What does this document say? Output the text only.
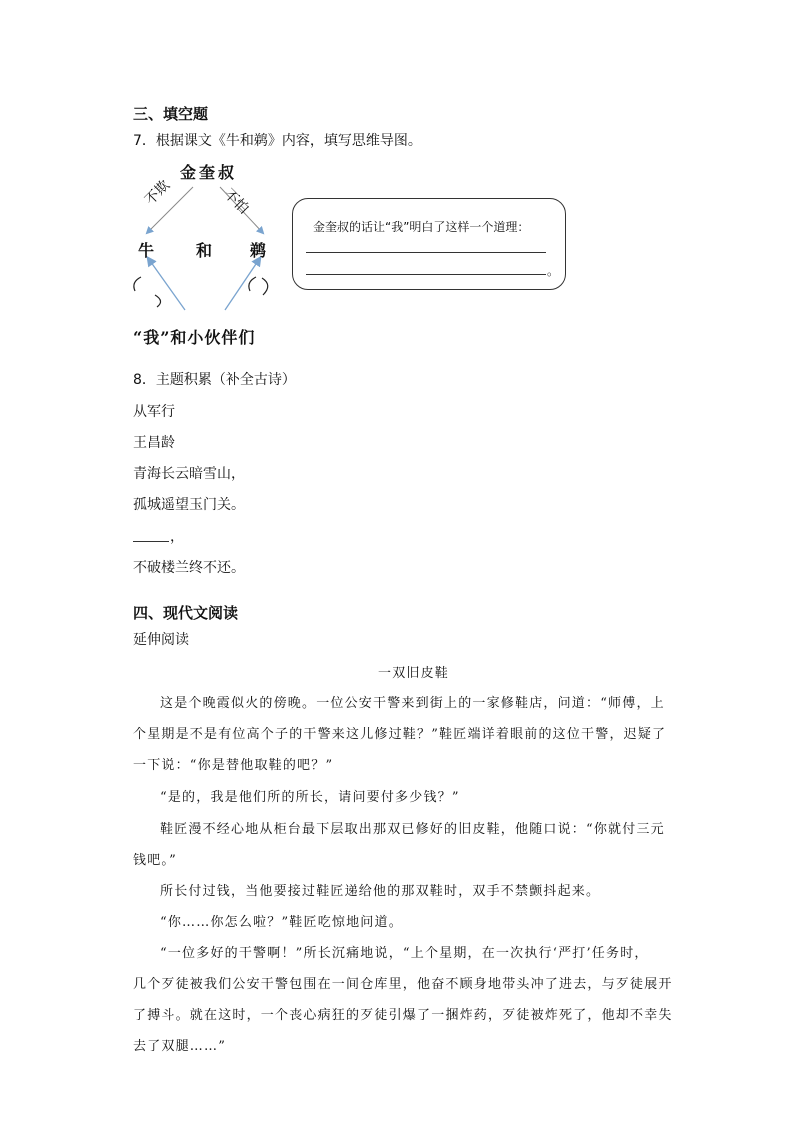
三、填空题
7．根据课文《牛和鹈》内容，填写思维导图。
金奎叔
不欺	不怕
牛	和 鹈
“我”和小伙伴们
金奎叔的话让“我”明白了这样一个道理：
。
8．主题积累（补全古诗）
从军行
王昌龄
青海长云暗雪山，
孤城遥望玉门关。
，
不破楼兰终不还。
四、现代文阅读
延伸阅读
一双旧皮鞋
这是个晚霞似火的傍晚。一位公安干警来到街上的一家修鞋店，问道：“师傅，上
个星期是不是有位高个子的干警来这儿修过鞋？”鞋匠端详着眼前的这位干警，迟疑了
一下说：“你是替他取鞋的吧？”
“是的，我是他们所的所长，请问要付多少钱？”
鞋匠漫不经心地从柜台最下层取出那双已修好的旧皮鞋，他随口说：“你就付三元
钱吧。”
所长付过钱，当他要接过鞋匠递给他的那双鞋时，双手不禁颤抖起来。
“你……你怎么啦？”鞋匠吃惊地问道。
“一位多好的干警啊！”所长沉痛地说，“上个星期，在一次执行‘严打’任务时，
几个歹徒被我们公安干警包围在一间仓库里，他奋不顾身地带头冲了进去，与歹徒展开
了搏斗。就在这时，一个丧心病狂的歹徒引爆了一捆炸药，歹徒被炸死了，他却不幸失
去了双腿……”
